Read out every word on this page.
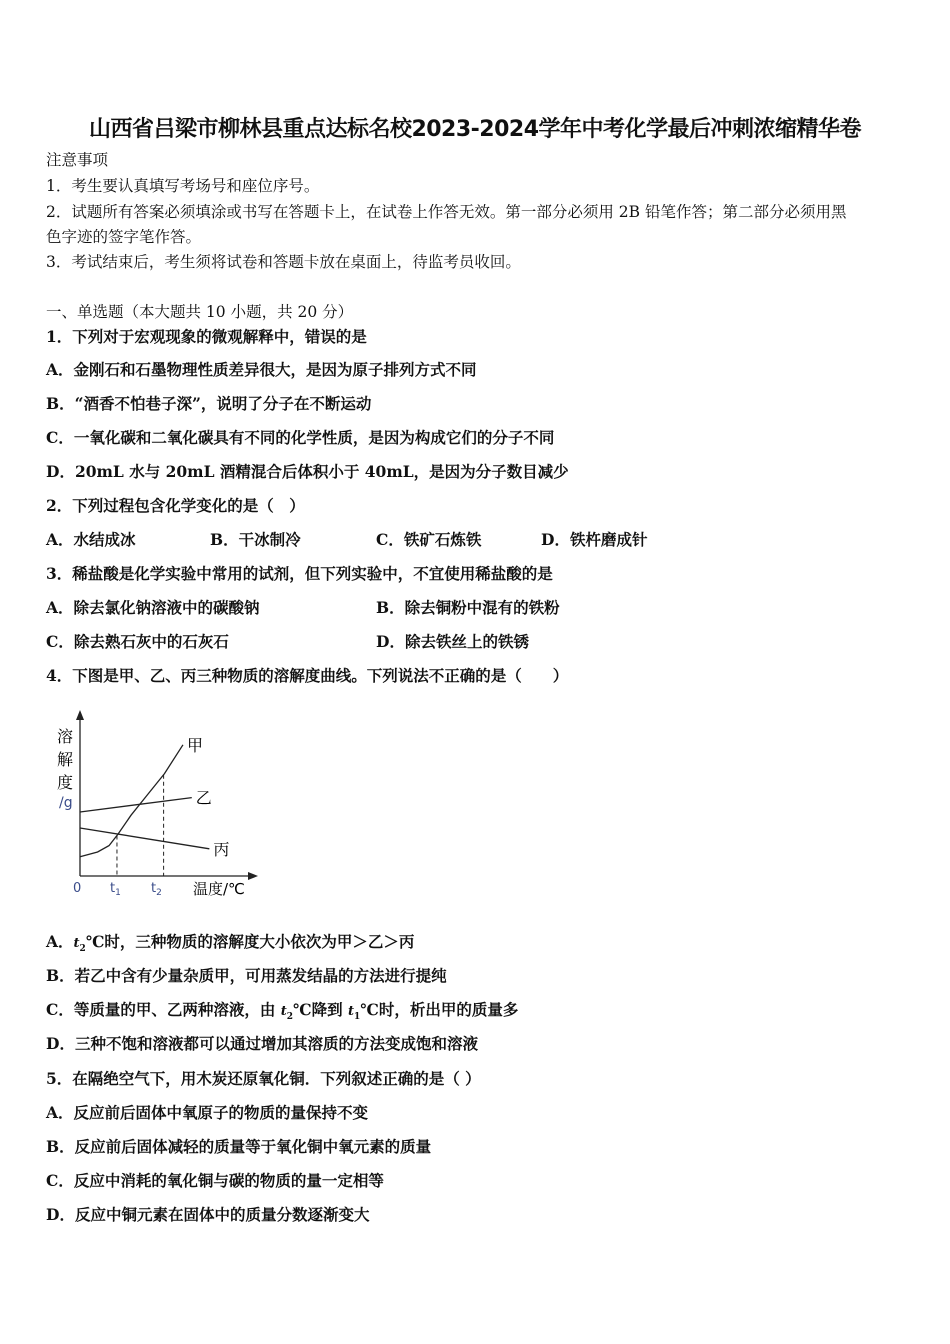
山西省吕梁市柳林县重点达标名校2023-2024学年中考化学最后冲刺浓缩精华卷
注意事项
1．考生要认真填写考场号和座位序号。
2．试题所有答案必须填涂或书写在答题卡上，在试卷上作答无效。第一部分必须用 2B 铅笔作答；第二部分必须用黑
色字迹的签字笔作答。
3．考试结束后，考生须将试卷和答题卡放在桌面上，待监考员收回。
一、单选题（本大题共 10 小题，共 20 分）
1．下列对于宏观现象的微观解释中，错误的是
A．金刚石和石墨物理性质差异很大，是因为原子排列方式不同
B．“酒香不怕巷子深”，说明了分子在不断运动
C．一氧化碳和二氧化碳具有不同的化学性质，是因为构成它们的分子不同
D．20mL 水与 20mL 酒精混合后体积小于 40mL，是因为分子数目减少
2．下列过程包含化学变化的是（　）
A．水结成冰	B．干冰制冷	C．铁矿石炼铁	D．铁杵磨成针
3．稀盐酸是化学实验中常用的试剂，但下列实验中，不宜使用稀盐酸的是
A．除去氯化钠溶液中的碳酸钠	B．除去铜粉中混有的铁粉
C．除去熟石灰中的石灰石	D．除去铁丝上的铁锈
4．下图是甲、乙、丙三种物质的溶解度曲线。下列说法不正确的是（　　）
甲
乙
丙
溶
解
度
/g
0 $t_1$ $t_2$ 温度/℃
A．$t_2℃$时，三种物质的溶解度大小依次为甲＞乙＞丙
B．若乙中含有少量杂质甲，可用蒸发结晶的方法进行提纯
C．等质量的甲、乙两种溶液，由 $t_2℃$降到 $t_1℃$时，析出甲的质量多
D．三种不饱和溶液都可以通过增加其溶质的方法变成饱和溶液
5．在隔绝空气下，用木炭还原氧化铜．下列叙述正确的是（ ）
A．反应前后固体中氧原子的物质的量保持不变
B．反应前后固体减轻的质量等于氧化铜中氧元素的质量
C．反应中消耗的氧化铜与碳的物质的量一定相等
D．反应中铜元素在固体中的质量分数逐渐变大
